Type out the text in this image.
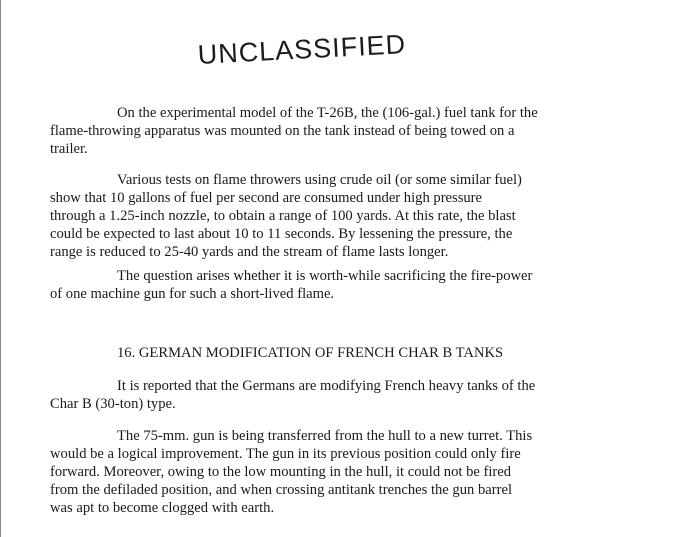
UNCLASSIFIED

On the experimental model of the T-26B, the (106-gal.) fuel tank for the
flame-throwing apparatus was mounted on the tank instead of being towed on a
trailer.

Various tests on flame throwers using crude oil (or some similar fuel)
show that 10 gallons of fuel per second are consumed under high pressure
through a 1.25-inch nozzle, to obtain a range of 100 yards. At this rate, the blast
could be expected to last about 10 to 11 seconds. By lessening the pressure, the
range is reduced to 25-40 yards and the stream of flame lasts longer.

The question arises whether it is worth-while sacrificing the fire-power
of one machine gun for such a short-lived flame.

16. GERMAN MODIFICATION OF FRENCH CHAR B TANKS

It is reported that the Germans are modifying French heavy tanks of the
Char B (30-ton) type.

The 75-mm. gun is being transferred from the hull to a new turret. This
would be a logical improvement. The gun in its previous position could only fire
forward. Moreover, owing to the low mounting in the hull, it could not be fired
from the defiladed position, and when crossing antitank trenches the gun barrel
was apt to become clogged with earth.
